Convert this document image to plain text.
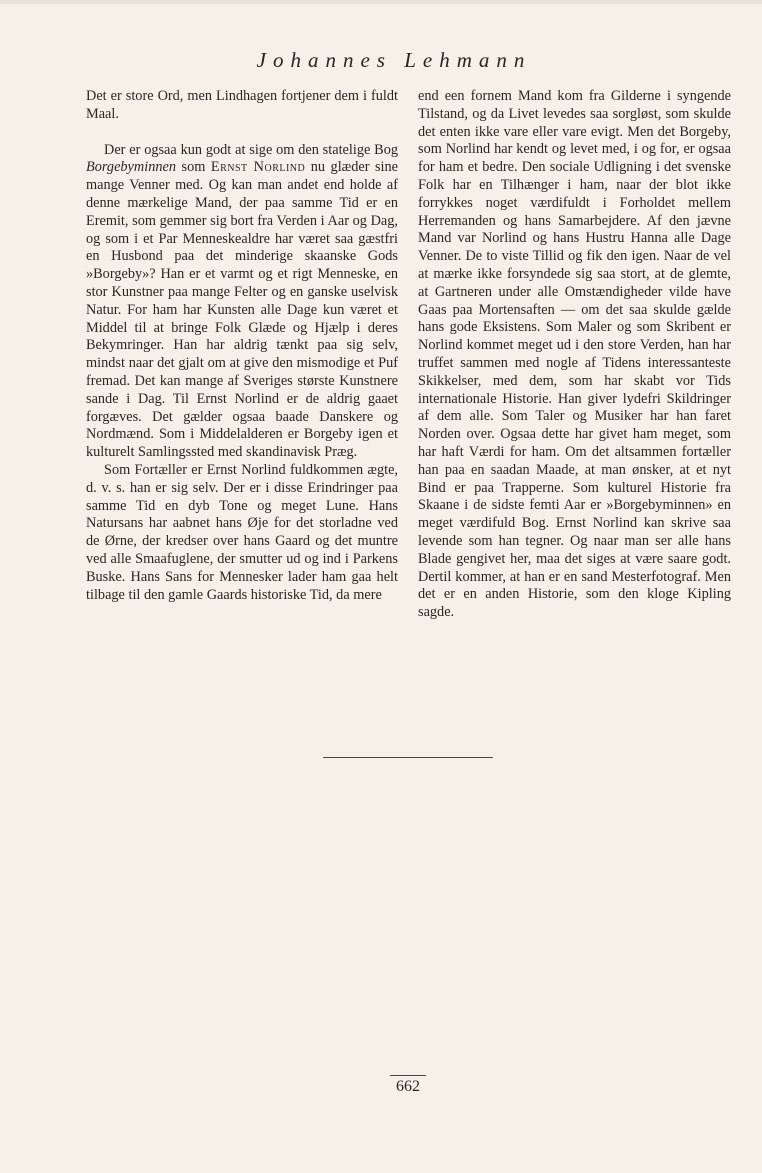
Johannes Lehmann

Det er store Ord, men Lindhagen fortjener dem i fuldt Maal.

Der er ogsaa kun godt at sige om den statelige Bog Borgebyminnen som Ernst Norlind nu glæder sine mange Venner med. Og kan man andet end holde af denne mærkelige Mand, der paa samme Tid er en Eremit, som gemmer sig bort fra Verden i Aar og Dag, og som i et Par Menneskealdre har været saa gæstfri en Husbond paa det minderige skaanske Gods »Borgeby»? Han er et varmt og et rigt Menneske, en stor Kunstner paa mange Felter og en ganske uselvisk Natur. For ham har Kunsten alle Dage kun været et Middel til at bringe Folk Glæde og Hjælp i deres Bekymringer. Han har aldrig tænkt paa sig selv, mindst naar det gjalt om at give den mismodige et Puf fremad. Det kan mange af Sveriges største Kunstnere sande i Dag. Til Ernst Norlind er de aldrig gaaet forgæves. Det gælder ogsaa baade Danskere og Nordmænd. Som i Middelalderen er Borgeby igen et kulturelt Samlingssted med skandinavisk Præg.

Som Fortæller er Ernst Norlind fuldkommen ægte, d. v. s. han er sig selv. Der er i disse Erindringer paa samme Tid en dyb Tone og meget Lune. Hans Natursans har aabnet hans Øje for det storladne ved de Ørne, der kredser over hans Gaard og det muntre ved alle Smaafuglene, der smutter ud og ind i Parkens Buske. Hans Sans for Mennesker lader ham gaa helt tilbage til den gamle Gaards historiske Tid, da mere

end een fornem Mand kom fra Gilderne i syngende Tilstand, og da Livet levedes saa sorgløst, som skulde det enten ikke vare eller vare evigt. Men det Borgeby, som Norlind har kendt og levet med, i og for, er ogsaa for ham et bedre. Den sociale Udligning i det svenske Folk har en Tilhænger i ham, naar der blot ikke forrykkes noget værdifuldt i Forholdet mellem Herremanden og hans Samarbejdere. Af den jævne Mand var Norlind og hans Hustru Hanna alle Dage Venner. De to viste Tillid og fik den igen. Naar de vel at mærke ikke forsyndede sig saa stort, at de glemte, at Gartneren under alle Omstændigheder vilde have Gaas paa Mortensaften — om det saa skulde gælde hans gode Eksistens. Som Maler og som Skribent er Norlind kommet meget ud i den store Verden, han har truffet sammen med nogle af Tidens interessanteste Skikkelser, med dem, som har skabt vor Tids internationale Historie. Han giver lydefri Skildringer af dem alle. Som Taler og Musiker har han faret Norden over. Ogsaa dette har givet ham meget, som har haft Værdi for ham. Om det altsammen fortæller han paa en saadan Maade, at man ønsker, at et nyt Bind er paa Trapperne. Som kulturel Historie fra Skaane i de sidste femti Aar er »Borgebyminnen» en meget værdifuld Bog. Ernst Norlind kan skrive saa levende som han tegner. Og naar man ser alle hans Blade gengivet her, maa det siges at være saare godt. Dertil kommer, at han er en sand Mesterfotograf. Men det er en anden Historie, som den kloge Kipling sagde.

662
